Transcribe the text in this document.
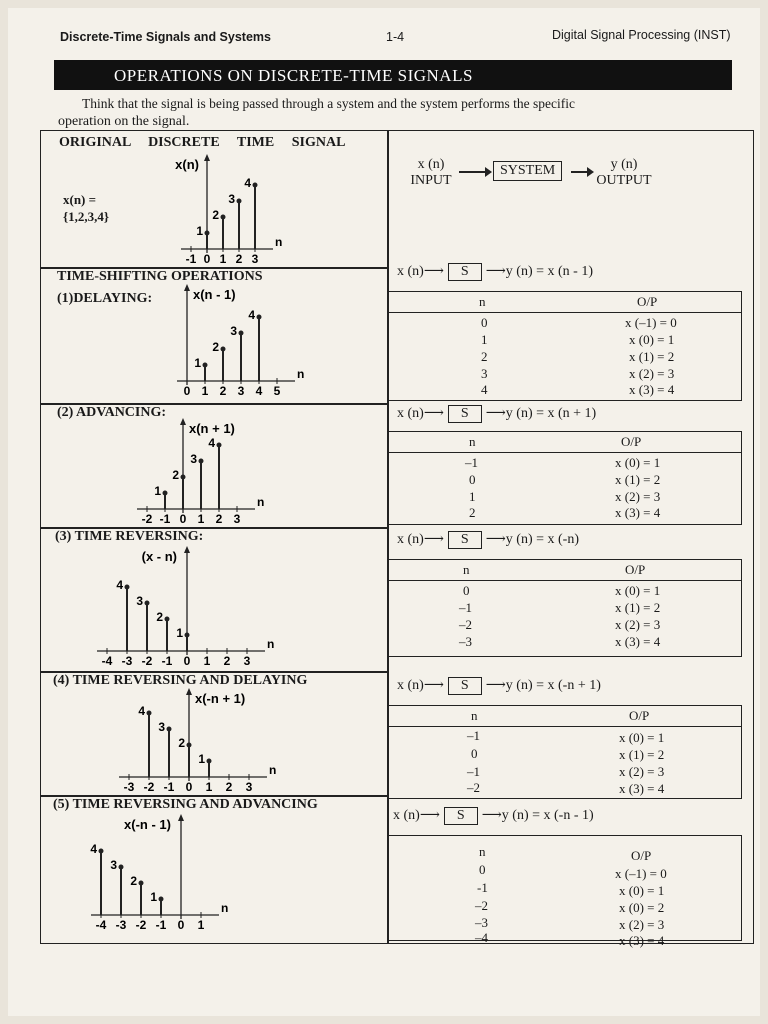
Discrete-Time Signals and Systems	1-4	Digital Signal Processing (INST)
OPERATIONS ON DISCRETE-TIME SIGNALS
Think that the signal is being passed through a system and the system performs the specific
operation on the signal.
ORIGINAL DISCRETE TIME SIGNAL
x(n) =
{1,2,3,4}
n
x(n)
-1 0 1 2 3
1
2
3
4
x (n)
INPUT
SYSTEM	y (n)
OUTPUT
TIME-SHIFTING OPERATIONS
(1)DELAYING:
n
x(n - 1)
0 1 2 3 4 5
1
2
3
4
(2) ADVANCING:
n
x(n + 1)
-2 -1 0 1 2 3
1
2
3
4
(3) TIME REVERSING:
n
(x - n)
-4 -3 -2 -1 0 1 2 3
4
3
2
1
(4) TIME REVERSING AND DELAYING
n
x(-n + 1)
-3 -2 -1 0 1 2 3
4
3
2
1
(5) TIME REVERSING AND ADVANCING
n
x(-n - 1)
-4 -3 -2 -1 0 1
4
3
2
1
x (n)⟶ S ⟶y (n) = x (n - 1)
n	O/P
0	x (–1) = 0
1	x (0) = 1
2	x (1) = 2
3	x (2) = 3
4	x (3) = 4
x (n)⟶ S ⟶y (n) = x (n + 1)
n	O/P
–1	x (0) = 1
0	x (1) = 2
1	x (2) = 3
2	x (3) = 4
x (n)⟶ S ⟶y (n) = x (-n)
n	O/P
0	x (0) = 1
–1	x (1) = 2
–2	x (2) = 3
–3	x (3) = 4
x (n)⟶ S ⟶y (n) = x (-n + 1)
n	O/P
–1	x (0) = 1
0	x (1) = 2
–1	x (2) = 3
–2	x (3) = 4
x (n)⟶ S ⟶y (n) = x (-n - 1)
n	O/P
0	x (–1) = 0
-1	x (0) = 1
–2	x (0) = 2
–3	x (2) = 3
–4	x (3) = 4
